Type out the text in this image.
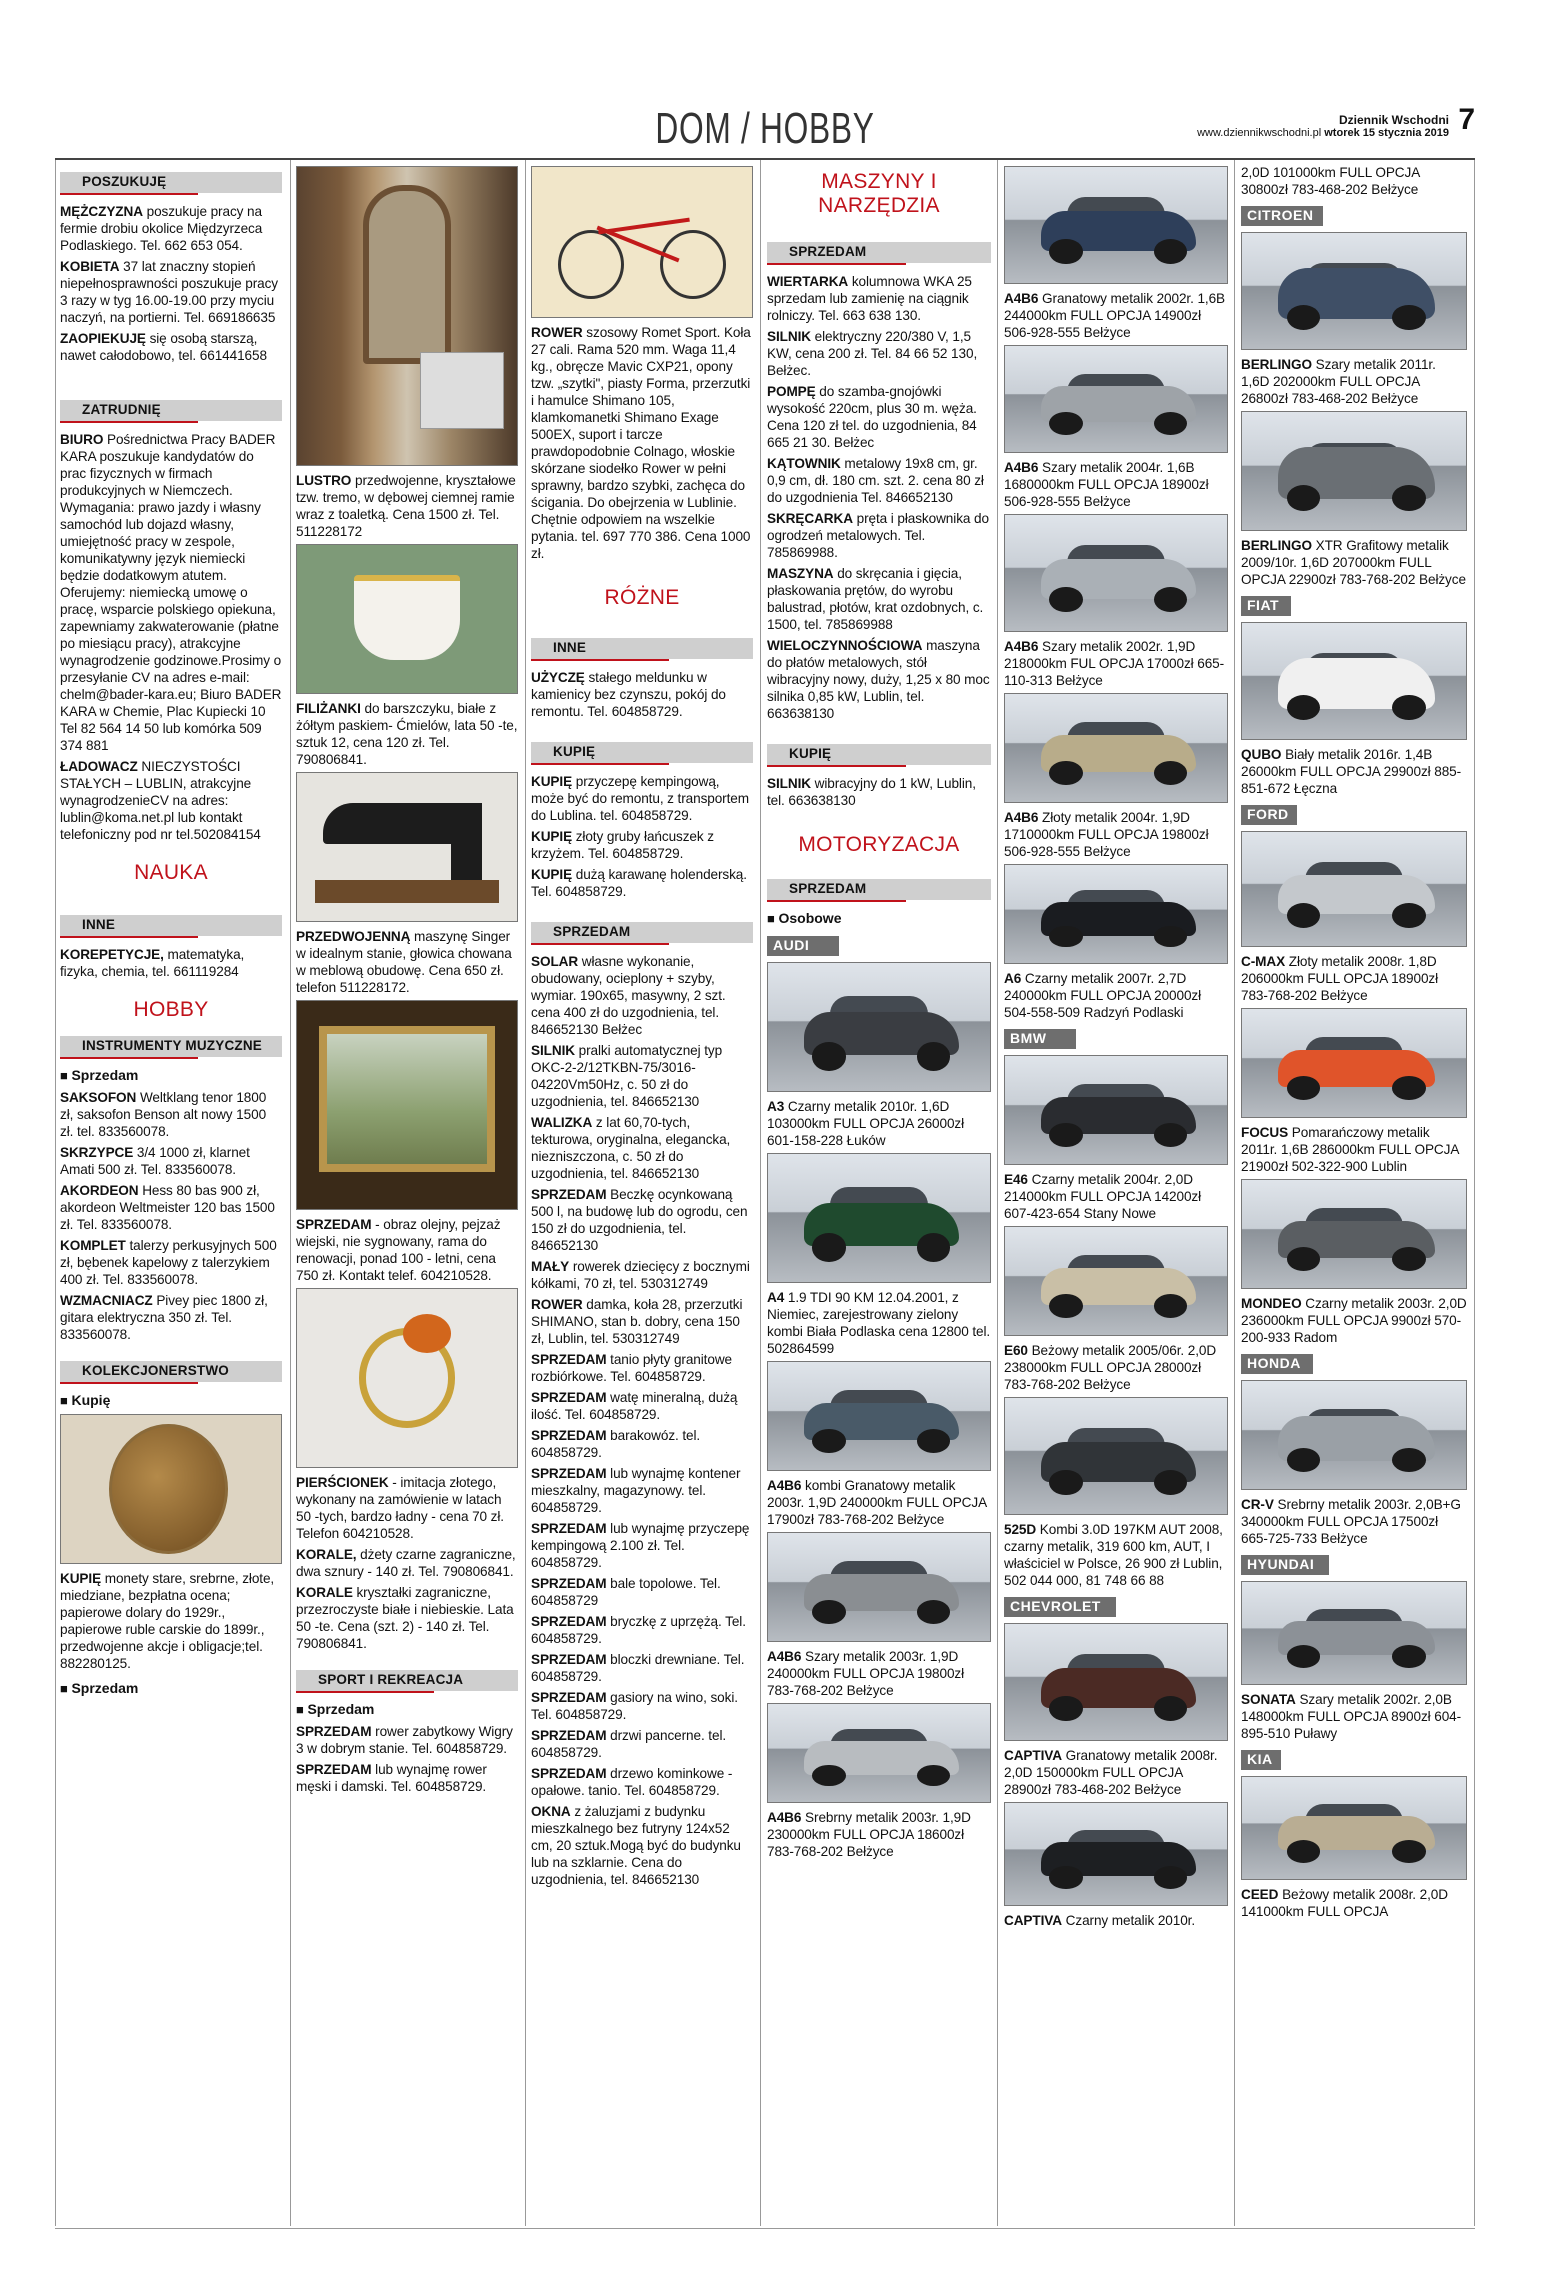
DOM / HOBBY	Dziennik Wschodni
www.dziennikwschodni.pl wtorek 15 stycznia 2019 7
POSZUKUJĘ
MĘŻCZYZNA poszukuje pracy na fermie drobiu okolice Międzyrzeca Podlaskiego. Tel. 662 653 054.
KOBIETA 37 lat znaczny stopień niepełnosprawności poszukuje pracy 3 razy w tyg 16.00-19.00 przy myciu naczyń, na portierni. Tel. 669186635
ZAOPIEKUJĘ się osobą starszą, nawet całodobowo, tel. 661441658
ZATRUDNIĘ
BIURO Pośrednictwa Pracy BADER KARA poszukuje kandydatów do prac fizycznych w firmach produkcyjnych w Niemczech. Wymagania: prawo jazdy i własny samochód lub dojazd własny, umiejętność pracy w zespole, komunikatywny język niemiecki będzie dodatkowym atutem. Oferujemy: niemiecką umowę o pracę, wsparcie polskiego opiekuna, zapewniamy zakwaterowanie (płatne po miesiącu pracy), atrakcyjne wynagrodzenie godzinowe.Prosimy o przesyłanie CV na adres e-mail: chelm@bader-kara.eu; Biuro BADER KARA w Chemie, Plac Kupiecki 10 Tel 82 564 14 50 lub komórka 509 374 881
ŁADOWACZ NIECZYSTOŚCI STAŁYCH – LUBLIN, atrakcyjne wynagrodzenieCV na adres: lublin@koma.net.pl lub kontakt telefoniczny pod nr tel.502084154
NAUKA
INNE
KOREPETYCJE, matematyka, fizyka, chemia, tel. 661119284
HOBBY
INSTRUMENTY MUZYCZNE
■ Sprzedam
SAKSOFON Weltklang tenor 1800 zł, saksofon Benson alt nowy 1500 zł. tel. 833560078.
SKRZYPCE 3/4 1000 zł, klarnet Amati 500 zł. Tel. 833560078.
AKORDEON Hess 80 bas 900 zł, akordeon Weltmeister 120 bas 1500 zł. Tel. 833560078.
KOMPLET talerzy perkusyjnych 500 zł, bębenek kapelowy z talerzykiem 400 zł. Tel. 833560078.
WZMACNIACZ Pivey piec 1800 zł, gitara elektryczna 350 zł. Tel. 833560078.
KOLEKCJONERSTWO
■ Kupię
KUPIĘ monety stare, srebrne, złote, miedziane, bezpłatna ocena; papierowe dolary do 1929r., papierowe ruble carskie do 1899r., przedwojenne akcje i obligacje;tel. 882280125.
■ Sprzedam
LUSTRO przedwojenne, kryształowe tzw. tremo, w dębowej ciemnej ramie wraz z toaletką. Cena 1500 zł. Tel. 511228172
FILIŻANKI do barszczyku, białe z żółtym paskiem- Ćmielów, lata 50 -te, sztuk 12, cena 120 zł. Tel. 790806841.
PRZEDWOJENNĄ maszynę Singer w idealnym stanie, głowica chowana w meblową obudowę. Cena 650 zł. telefon 511228172.
SPRZEDAM - obraz olejny, pejzaż wiejski, nie sygnowany, rama do renowacji, ponad 100 - letni, cena 750 zł. Kontakt telef. 604210528.
PIERŚCIONEK - imitacja złotego, wykonany na zamówienie w latach 50 -tych, bardzo ładny - cena 70 zł. Telefon 604210528.
KORALE, dżety czarne zagraniczne, dwa sznury - 140 zł. Tel. 790806841.
KORALE kryształki zagraniczne, przezroczyste białe i niebieskie. Lata 50 -te. Cena (szt. 2) - 140 zł. Tel. 790806841.
SPORT I REKREACJA
■ Sprzedam
SPRZEDAM rower zabytkowy Wigry 3 w dobrym stanie. Tel. 604858729.
SPRZEDAM lub wynajmę rower męski i damski. Tel. 604858729.
ROWER szosowy Romet Sport. Koła 27 cali. Rama 520 mm. Waga 11,4 kg., obręcze Mavic CXP21, opony tzw. „szytki", piasty Forma, przerzutki i hamulce Shimano 105, klamkomanetki Shimano Exage 500EX, suport i tarcze prawdopodobnie Colnago, włoskie skórzane siodełko Rower w pełni sprawny, bardzo szybki, zachęca do ścigania. Do obejrzenia w Lublinie. Chętnie odpowiem na wszelkie pytania. tel. 697 770 386. Cena 1000 zł.
RÓŻNE
INNE
UŻYCZĘ stałego meldunku w kamienicy bez czynszu, pokój do remontu. Tel. 604858729.
KUPIĘ
KUPIĘ przyczepę kempingową, może być do remontu, z transportem do Lublina. tel. 604858729.
KUPIĘ złoty gruby łańcuszek z krzyżem. Tel. 604858729.
KUPIĘ dużą karawanę holenderską. Tel. 604858729.
SPRZEDAM
SOLAR własne wykonanie, obudowany, ocieplony + szyby, wymiar. 190x65, masywny, 2 szt. cena 400 zł do uzgodnienia, tel. 846652130 Bełżec
SILNIK pralki automatycznej typ OKC-2-2/12TKBN-75/3016-04220Vm50Hz, c. 50 zł do uzgodnienia, tel. 846652130
WALIZKA z lat 60,70-tych, tekturowa, oryginalna, elegancka, niezniszczona, c. 50 zł do uzgodnienia, tel. 846652130
SPRZEDAM Beczkę ocynkowaną 500 l, na budowę lub do ogrodu, cen 150 zł do uzgodnienia, tel. 846652130
MAŁY rowerek dziecięcy z bocznymi kółkami, 70 zł, tel. 530312749
ROWER damka, koła 28, przerzutki SHIMANO, stan b. dobry, cena 150 zł, Lublin, tel. 530312749
SPRZEDAM tanio płyty granitowe rozbiórkowe. Tel. 604858729.
SPRZEDAM watę mineralną, dużą ilość. Tel. 604858729.
SPRZEDAM barakowóz. tel. 604858729.
SPRZEDAM lub wynajmę kontener mieszkalny, magazynowy. tel. 604858729.
SPRZEDAM lub wynajmę przyczepę kempingową 2.100 zł. Tel. 604858729.
SPRZEDAM bale topolowe. Tel. 604858729
SPRZEDAM bryczkę z uprzężą. Tel. 604858729.
SPRZEDAM bloczki drewniane. Tel. 604858729.
SPRZEDAM gasiory na wino, soki. Tel. 604858729.
SPRZEDAM drzwi pancerne. tel. 604858729.
SPRZEDAM drzewo kominkowe - opałowe. tanio. Tel. 604858729.
OKNA z żaluzjami z budynku mieszkalnego bez futryny 124x52 cm, 20 sztuk.Mogą być do budynku lub na szklarnie. Cena do uzgodnienia, tel. 846652130
MASZYNY I NARZĘDZIA
SPRZEDAM
WIERTARKA kolumnowa WKA 25 sprzedam lub zamienię na ciągnik rolniczy. Tel. 663 638 130.
SILNIK elektryczny 220/380 V, 1,5 KW, cena 200 zł. Tel. 84 66 52 130, Bełżec.
POMPĘ do szamba-gnojówki wysokość 220cm, plus 30 m. węża. Cena 120 zł tel. do uzgodnienia, 84 665 21 30. Bełżec
KĄTOWNIK metalowy 19x8 cm, gr. 0,9 cm, dł. 180 cm. szt. 2. cena 80 zł do uzgodnienia Tel. 846652130
SKRĘCARKA pręta i płaskownika do ogrodzeń metalowych. Tel. 785869988.
MASZYNA do skręcania i gięcia, płaskowania prętów, do wyrobu balustrad, płotów, krat ozdobnych, c. 1500, tel. 785869988
WIELOCZYNNOŚCIOWA maszyna do płatów metalowych, stół wibracyjny nowy, duży, 1,25 x 80 moc silnika 0,85 kW, Lublin, tel. 663638130
KUPIĘ
SILNIK wibracyjny do 1 kW, Lublin, tel. 663638130
MOTORYZACJA
SPRZEDAM
■ Osobowe
AUDI
A3 Czarny metalik 2010r. 1,6D 103000km FULL OPCJA 26000zł 601-158-228 Łuków
A4 1.9 TDI 90 KM 12.04.2001, z Niemiec, zarejestrowany zielony kombi Biała Podlaska cena 12800 tel. 502864599
A4B6 kombi Granatowy metalik 2003r. 1,9D 240000km FULL OPCJA 17900zł 783-768-202 Bełżyce
A4B6 Szary metalik 2003r. 1,9D 240000km FULL OPCJA 19800zł 783-768-202 Bełżyce
A4B6 Srebrny metalik 2003r. 1,9D 230000km FULL OPCJA 18600zł 783-768-202 Bełżyce
A4B6 Granatowy metalik 2002r. 1,6B 244000km FULL OPCJA 14900zł 506-928-555 Bełżyce
A4B6 Szary metalik 2004r. 1,6B 1680000km FULL OPCJA 18900zł 506-928-555 Bełżyce
A4B6 Szary metalik 2002r. 1,9D 218000km FUL OPCJA 17000zł 665-110-313 Bełżyce
A4B6 Złoty metalik 2004r. 1,9D 1710000km FULL OPCJA 19800zł 506-928-555 Bełżyce
A6 Czarny metalik 2007r. 2,7D 240000km FULL OPCJA 20000zł 504-558-509 Radzyń Podlaski
BMW
E46 Czarny metalik 2004r. 2,0D 214000km FULL OPCJA 14200zł 607-423-654 Stany Nowe
E60 Beżowy metalik 2005/06r. 2,0D 238000km FULL OPCJA 28000zł 783-768-202 Bełżyce
525D Kombi 3.0D 197KM AUT 2008, czarny metalik, 319 600 km, AUT, I właściciel w Polsce, 26 900 zł Lublin, 502 044 000, 81 748 66 88
CHEVROLET
CAPTIVA Granatowy metalik 2008r. 2,0D 150000km FULL OPCJA 28900zł 783-468-202 Bełżyce
CAPTIVA Czarny metalik 2010r.
2,0D 101000km FULL OPCJA 30800zł 783-468-202 Bełżyce
CITROEN
BERLINGO Szary metalik 2011r. 1,6D 202000km FULL OPCJA 26800zł 783-468-202 Bełżyce
BERLINGO XTR Grafitowy metalik 2009/10r. 1,6D 207000km FULL OPCJA 22900zł 783-768-202 Bełżyce
FIAT
QUBO Biały metalik 2016r. 1,4B 26000km FULL OPCJA 29900zł 885-851-672 Łęczna
FORD
C-MAX Złoty metalik 2008r. 1,8D 206000km FULL OPCJA 18900zł 783-768-202 Bełżyce
FOCUS Pomarańczowy metalik 2011r. 1,6B 286000km FULL OPCJA 21900zł 502-322-900 Lublin
MONDEO Czarny metalik 2003r. 2,0D 236000km FULL OPCJA 9900zł 570-200-933 Radom
HONDA
CR-V Srebrny metalik 2003r. 2,0B+G 340000km FULL OPCJA 17500zł 665-725-733 Bełżyce
HYUNDAI
SONATA Szary metalik 2002r. 2,0B 148000km FULL OPCJA 8900zł 604-895-510 Puławy
KIA
CEED Beżowy metalik 2008r. 2,0D 141000km FULL OPCJA
